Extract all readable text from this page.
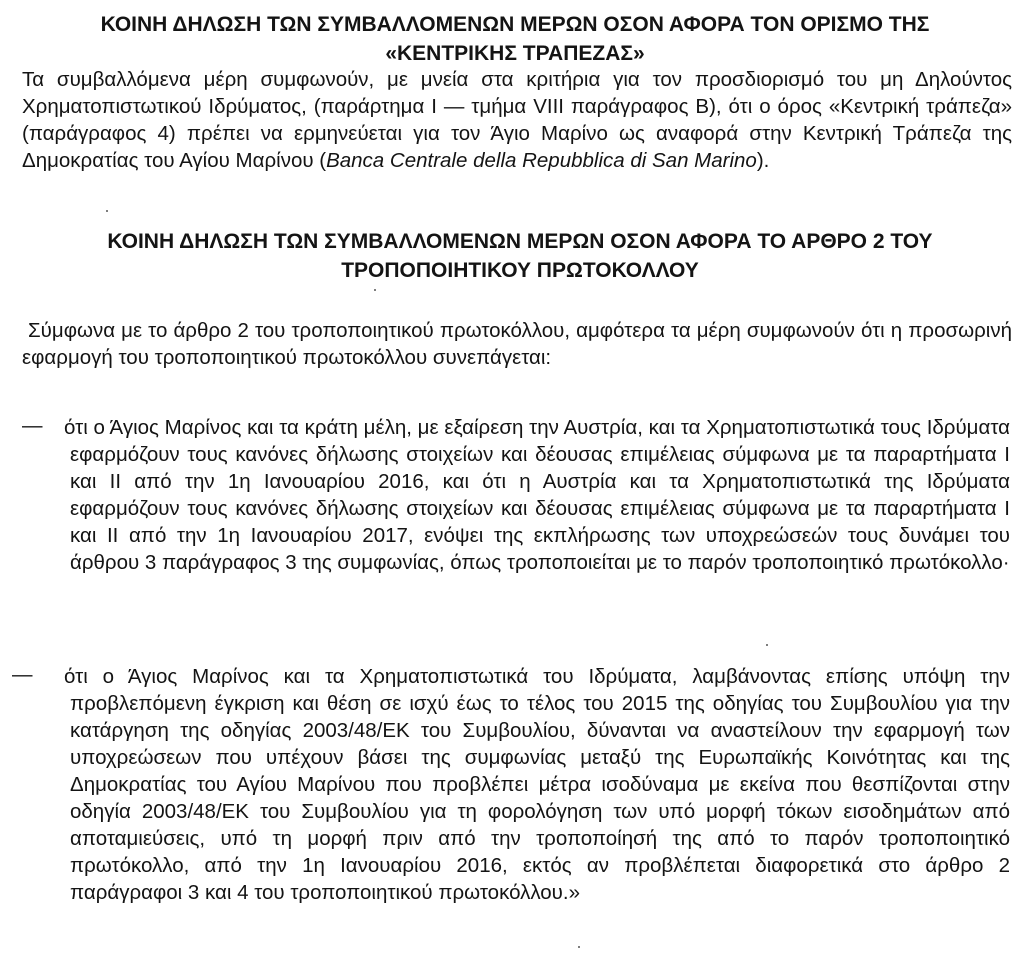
ΚΟΙΝΗ ΔΗΛΩΣΗ ΤΩΝ ΣΥΜΒΑΛΛΟΜΕΝΩΝ ΜΕΡΩΝ ΟΣΟΝ ΑΦΟΡΑ ΤΟΝ ΟΡΙΣΜΟ ΤΗΣ «ΚΕΝΤΡΙΚΗΣ ΤΡΑΠΕΖΑΣ»

Τα συμβαλλόμενα μέρη συμφωνούν, με μνεία στα κριτήρια για τον προσδιορισμό του μη Δηλούντος Χρηματοπιστωτικού Ιδρύματος, (παράρτημα Ι — τμήμα VIII παράγραφος Β), ότι ο όρος «Κεντρική τράπεζα» (παράγραφος 4) πρέπει να ερμηνεύεται για τον Άγιο Μαρίνο ως αναφορά στην Κεντρική Τράπεζα της Δημοκρατίας του Αγίου Μαρίνου (Banca Centrale della Repubblica di San Marino).

ΚΟΙΝΗ ΔΗΛΩΣΗ ΤΩΝ ΣΥΜΒΑΛΛΟΜΕΝΩΝ ΜΕΡΩΝ ΟΣΟΝ ΑΦΟΡΑ ΤΟ ΑΡΘΡΟ 2 ΤΟΥ ΤΡΟΠΟΠΟΙΗΤΙΚΟΥ ΠΡΩΤΟΚΟΛΛΟΥ

Σύμφωνα με το άρθρο 2 του τροποποιητικού πρωτοκόλλου, αμφότερα τα μέρη συμφωνούν ότι η προσωρινή εφαρμογή του τροποποιητικού πρωτοκόλλου συνεπάγεται:

— ότι ο Άγιος Μαρίνος και τα κράτη μέλη, με εξαίρεση την Αυστρία, και τα Χρηματοπιστωτικά τους Ιδρύματα εφαρμόζουν τους κανόνες δήλωσης στοιχείων και δέουσας επιμέλειας σύμφωνα με τα παραρτήματα Ι και ΙΙ από την 1η Ιανουαρίου 2016, και ότι η Αυστρία και τα Χρηματοπιστωτικά της Ιδρύματα εφαρμόζουν τους κανόνες δήλωσης στοιχείων και δέουσας επιμέλειας σύμφωνα με τα παραρτήματα Ι και ΙΙ από την 1η Ιανουαρίου 2017, ενόψει της εκπλήρωσης των υποχρεώσεών τους δυνάμει του άρθρου 3 παράγραφος 3 της συμφωνίας, όπως τροποποιείται με το παρόν τροποποιητικό πρωτόκολλο·

— ότι ο Άγιος Μαρίνος και τα Χρηματοπιστωτικά του Ιδρύματα, λαμβάνοντας επίσης υπόψη την προβλεπόμενη έγκριση και θέση σε ισχύ έως το τέλος του 2015 της οδηγίας του Συμβουλίου για την κατάργηση της οδηγίας 2003/48/ΕΚ του Συμβουλίου, δύνανται να αναστείλουν την εφαρμογή των υποχρεώσεων που υπέχουν βάσει της συμφωνίας μεταξύ της Ευρωπαϊκής Κοινότητας και της Δημοκρατίας του Αγίου Μαρίνου που προβλέπει μέτρα ισοδύναμα με εκείνα που θεσπίζονται στην οδηγία 2003/48/ΕΚ του Συμβουλίου για τη φορολόγηση των υπό μορφή τόκων εισοδημάτων από αποταμιεύσεις, υπό τη μορφή πριν από την τροποποίησή της από το παρόν τροποποιητικό πρωτόκολλο, από την 1η Ιανουαρίου 2016, εκτός αν προβλέπεται διαφορετικά στο άρθρο 2 παράγραφοι 3 και 4 του τροποποιητικού πρωτοκόλλου.»
